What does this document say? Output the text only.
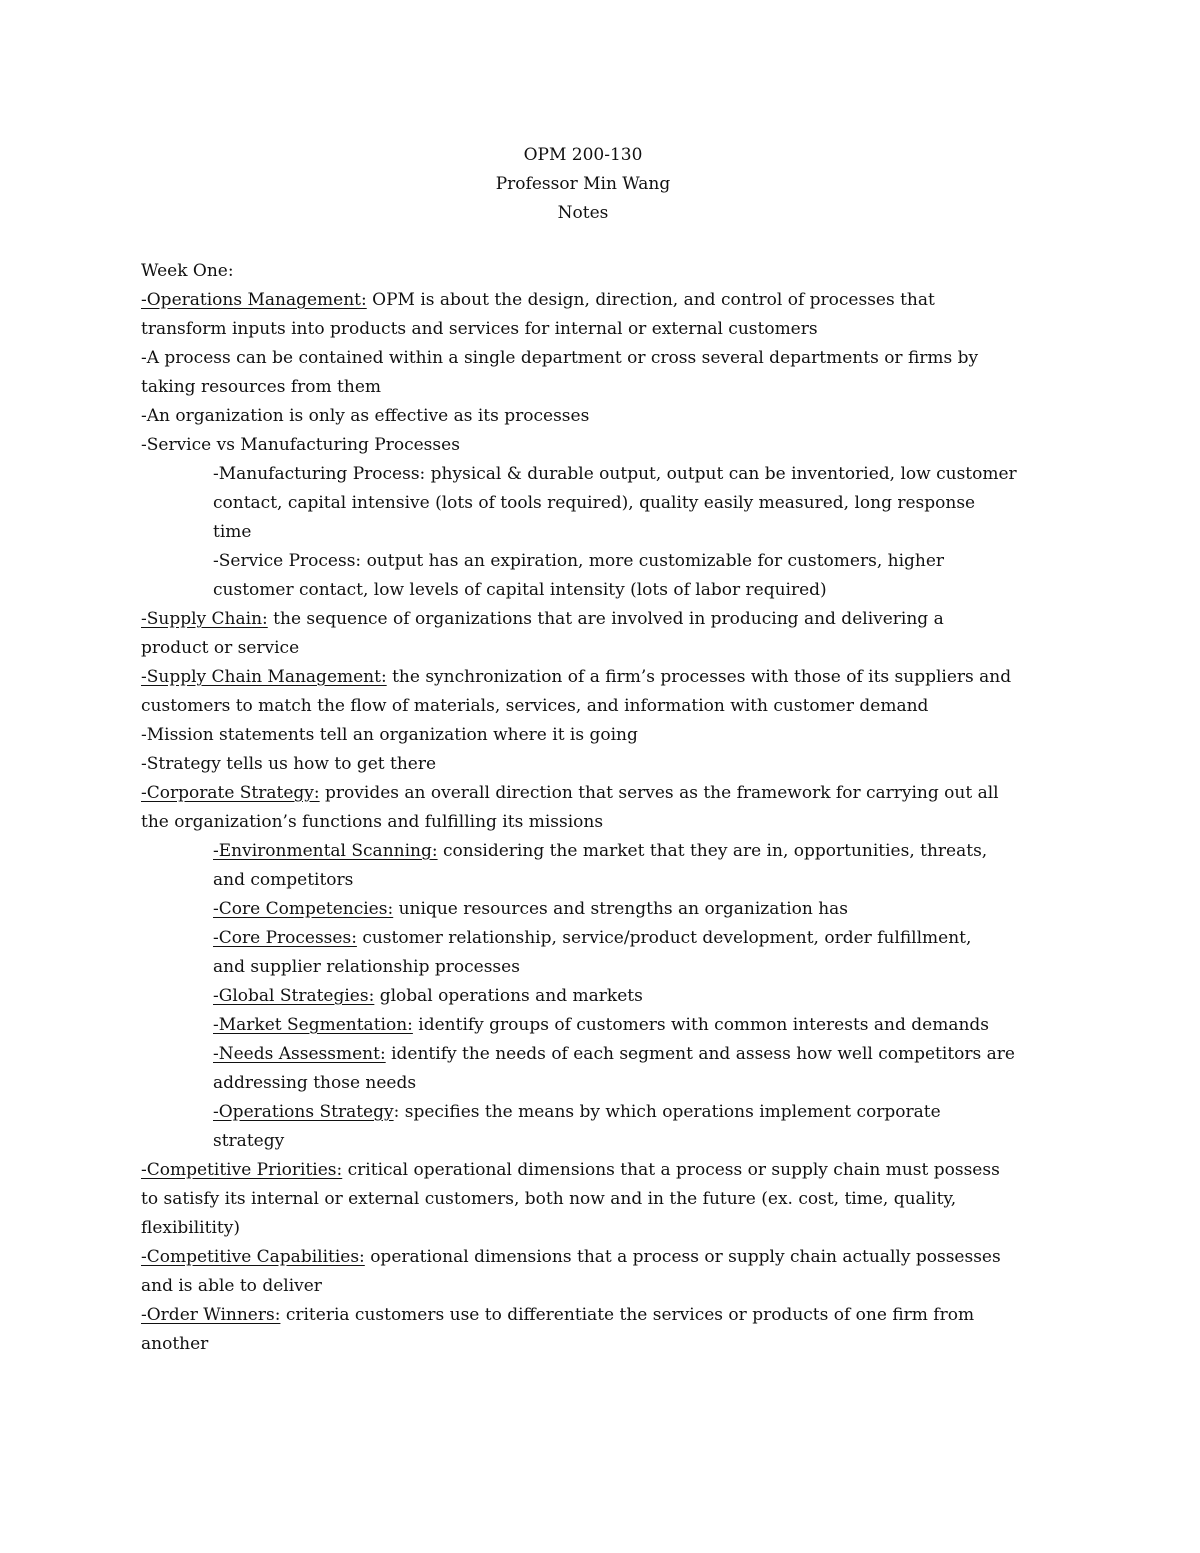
OPM 200-130
Professor Min Wang
Notes
Week One:
-Operations Management: OPM is about the design, direction, and control of processes that
transform inputs into products and services for internal or external customers
-A process can be contained within a single department or cross several departments or firms by
taking resources from them
-An organization is only as effective as its processes
-Service vs Manufacturing Processes
-Manufacturing Process: physical & durable output, output can be inventoried, low customer
contact, capital intensive (lots of tools required), quality easily measured, long response
time
-Service Process: output has an expiration, more customizable for customers, higher
customer contact, low levels of capital intensity (lots of labor required)
-Supply Chain: the sequence of organizations that are involved in producing and delivering a
product or service
-Supply Chain Management: the synchronization of a firm’s processes with those of its suppliers and
customers to match the flow of materials, services, and information with customer demand
-Mission statements tell an organization where it is going
-Strategy tells us how to get there
-Corporate Strategy: provides an overall direction that serves as the framework for carrying out all
the organization’s functions and fulfilling its missions
-Environmental Scanning: considering the market that they are in, opportunities, threats,
and competitors
-Core Competencies: unique resources and strengths an organization has
-Core Processes: customer relationship, service/product development, order fulfillment,
and supplier relationship processes
-Global Strategies: global operations and markets
-Market Segmentation: identify groups of customers with common interests and demands
-Needs Assessment: identify the needs of each segment and assess how well competitors are
addressing those needs
-Operations Strategy: specifies the means by which operations implement corporate
strategy
-Competitive Priorities: critical operational dimensions that a process or supply chain must possess
to satisfy its internal or external customers, both now and in the future (ex. cost, time, quality,
flexibilitity)
-Competitive Capabilities: operational dimensions that a process or supply chain actually possesses
and is able to deliver
-Order Winners: criteria customers use to differentiate the services or products of one firm from
another
